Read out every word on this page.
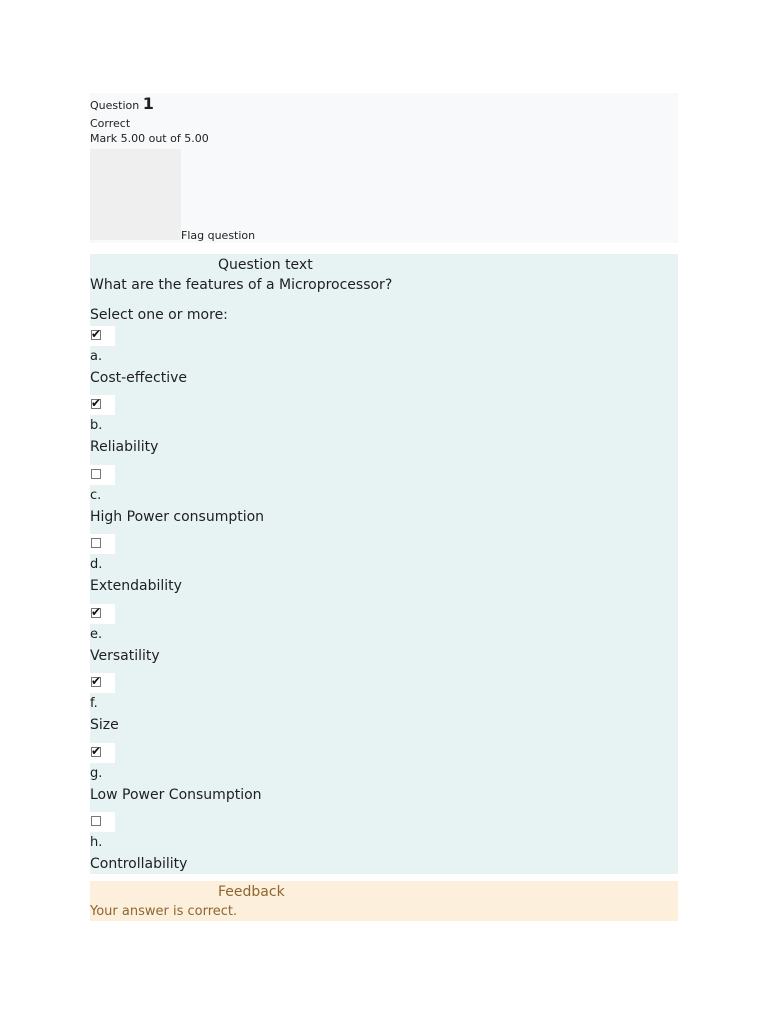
Question 1
Correct
Mark 5.00 out of 5.00
Flag question
Question text
What are the features of a Microprocessor?
Select one or more:
✔
a.
Cost-effective
✔
b.
Reliability
c.
High Power consumption
d.
Extendability
✔
e.
Versatility
✔
f.
Size
✔
g.
Low Power Consumption
h.
Controllability
Feedback
Your answer is correct.
